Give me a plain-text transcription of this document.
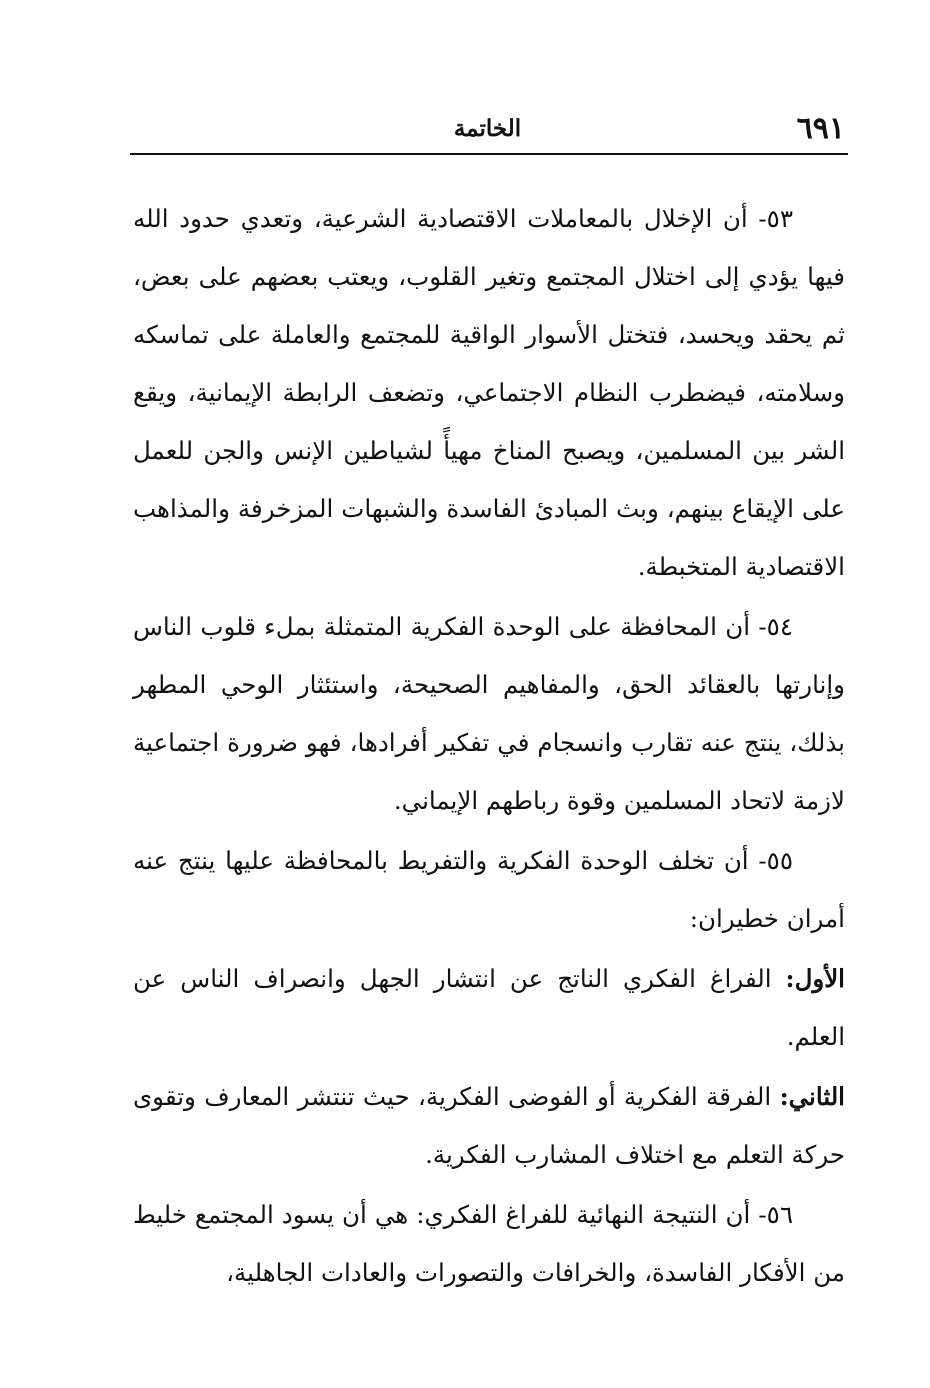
٦٩١
الخاتمة

٥٣- أن الإخلال بالمعاملات الاقتصادية الشرعية، وتعدي حدود الله فيها يؤدي إلى اختلال المجتمع وتغير القلوب، ويعتب بعضهم على بعض، ثم يحقد ويحسد، فتختل الأسوار الواقية للمجتمع والعاملة على تماسكه وسلامته، فيضطرب النظام الاجتماعي، وتضعف الرابطة الإيمانية، ويقع الشر بين المسلمين، ويصبح المناخ مهيأً لشياطين الإنس والجن للعمل على الإيقاع بينهم، وبث المبادئ الفاسدة والشبهات المزخرفة والمذاهب الاقتصادية المتخبطة.

٥٤- أن المحافظة على الوحدة الفكرية المتمثلة بملء قلوب الناس وإنارتها بالعقائد الحق، والمفاهيم الصحيحة، واستئثار الوحي المطهر بذلك، ينتج عنه تقارب وانسجام في تفكير أفرادها، فهو ضرورة اجتماعية لازمة لاتحاد المسلمين وقوة رباطهم الإيماني.

٥٥- أن تخلف الوحدة الفكرية والتفريط بالمحافظة عليها ينتج عنه أمران خطيران:

الأول: الفراغ الفكري الناتج عن انتشار الجهل وانصراف الناس عن العلم.

الثاني: الفرقة الفكرية أو الفوضى الفكرية، حيث تنتشر المعارف وتقوى حركة التعلم مع اختلاف المشارب الفكرية.

٥٦- أن النتيجة النهائية للفراغ الفكري: هي أن يسود المجتمع خليط من الأفكار الفاسدة، والخرافات والتصورات والعادات الجاهلية،
